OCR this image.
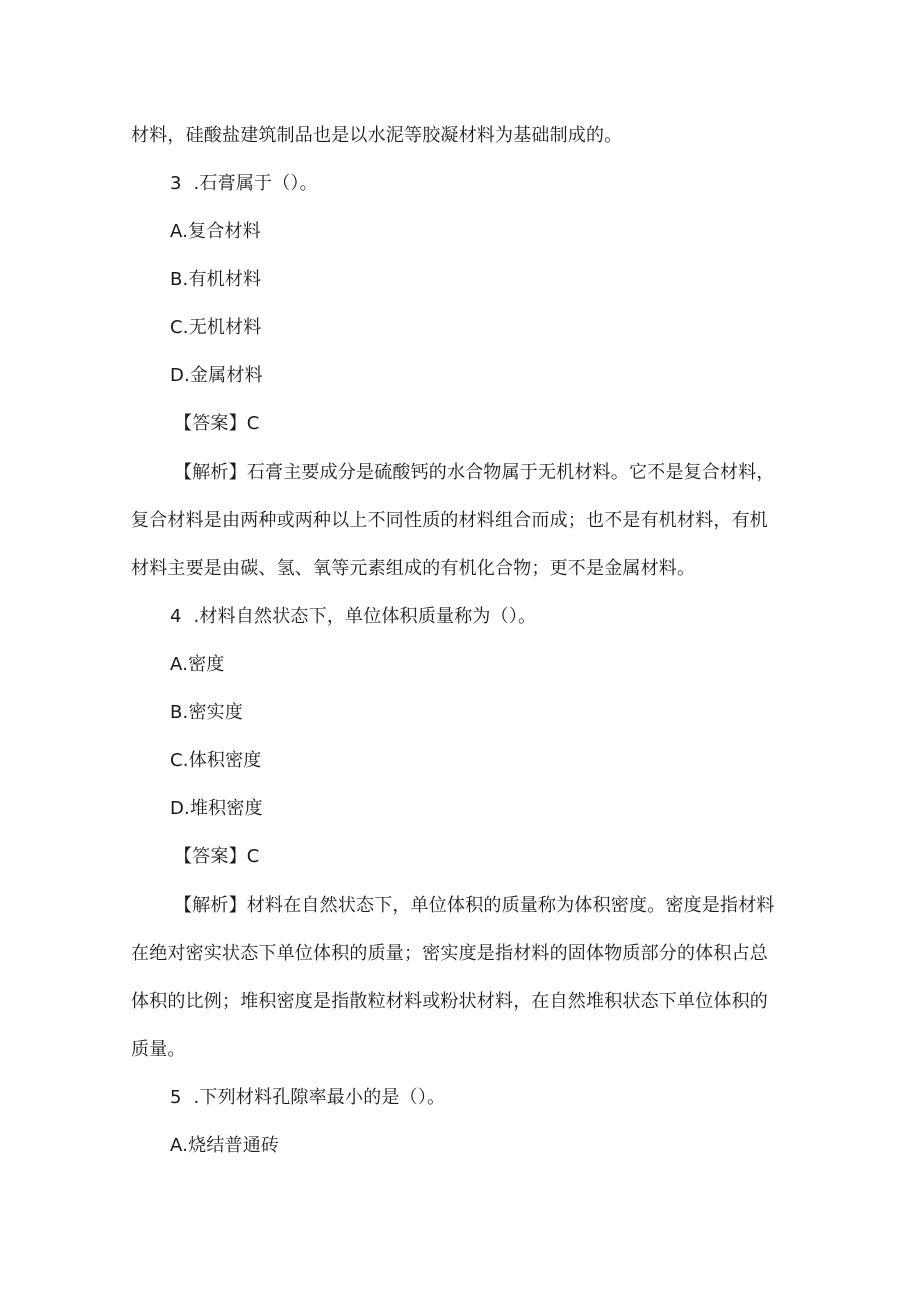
材料，硅酸盐建筑制品也是以水泥等胶凝材料为基础制成的。
3  .石膏属于（）。
A.复合材料
B.有机材料
C.无机材料
D.金属材料
【答案】C
【解析】石膏主要成分是硫酸钙的水合物属于无机材料。它不是复合材料，
复合材料是由两种或两种以上不同性质的材料组合而成；也不是有机材料，有机
材料主要是由碳、氢、氧等元素组成的有机化合物；更不是金属材料。
4  .材料自然状态下，单位体积质量称为（）。
A.密度
B.密实度
C.体积密度
D.堆积密度
【答案】C
【解析】材料在自然状态下，单位体积的质量称为体积密度。密度是指材料
在绝对密实状态下单位体积的质量；密实度是指材料的固体物质部分的体积占总
体积的比例；堆积密度是指散粒材料或粉状材料，在自然堆积状态下单位体积的
质量。
5  .下列材料孔隙率最小的是（）。
A.烧结普通砖
